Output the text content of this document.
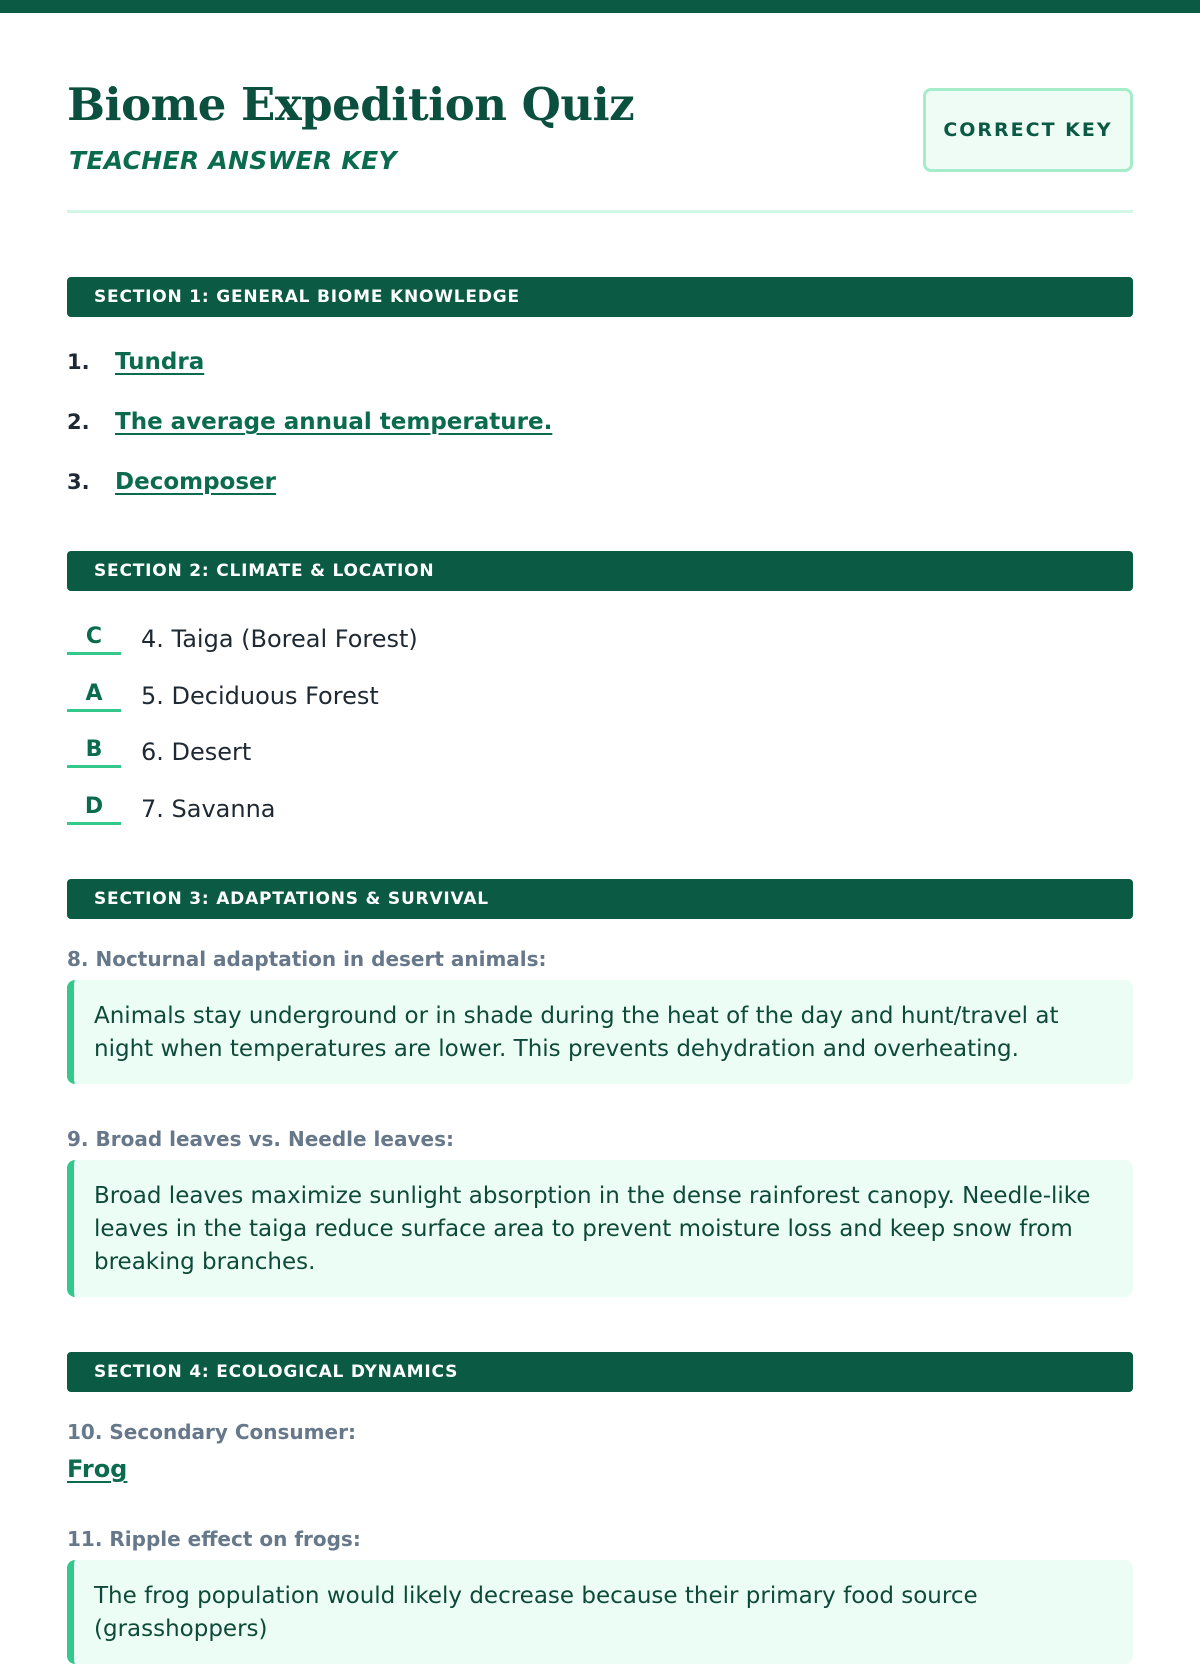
Biome Expedition Quiz
TEACHER ANSWER KEY
CORRECT KEY
SECTION 1: GENERAL BIOME KNOWLEDGE
1.	Tundra
2.	The average annual temperature.
3.	Decomposer
SECTION 2: CLIMATE & LOCATION
C	4. Taiga (Boreal Forest)
A	5. Deciduous Forest
B	6. Desert
D	7. Savanna
SECTION 3: ADAPTATIONS & SURVIVAL
8. Nocturnal adaptation in desert animals:
Animals stay underground or in shade during the heat of the day and hunt/travel at night when temperatures are lower. This prevents dehydration and overheating.
9. Broad leaves vs. Needle leaves:
Broad leaves maximize sunlight absorption in the dense rainforest canopy. Needle-like leaves in the taiga reduce surface area to prevent moisture loss and keep snow from breaking branches.
SECTION 4: ECOLOGICAL DYNAMICS
10. Secondary Consumer:
Frog
11. Ripple effect on frogs:
The frog population would likely decrease because their primary food source (grasshoppers)
